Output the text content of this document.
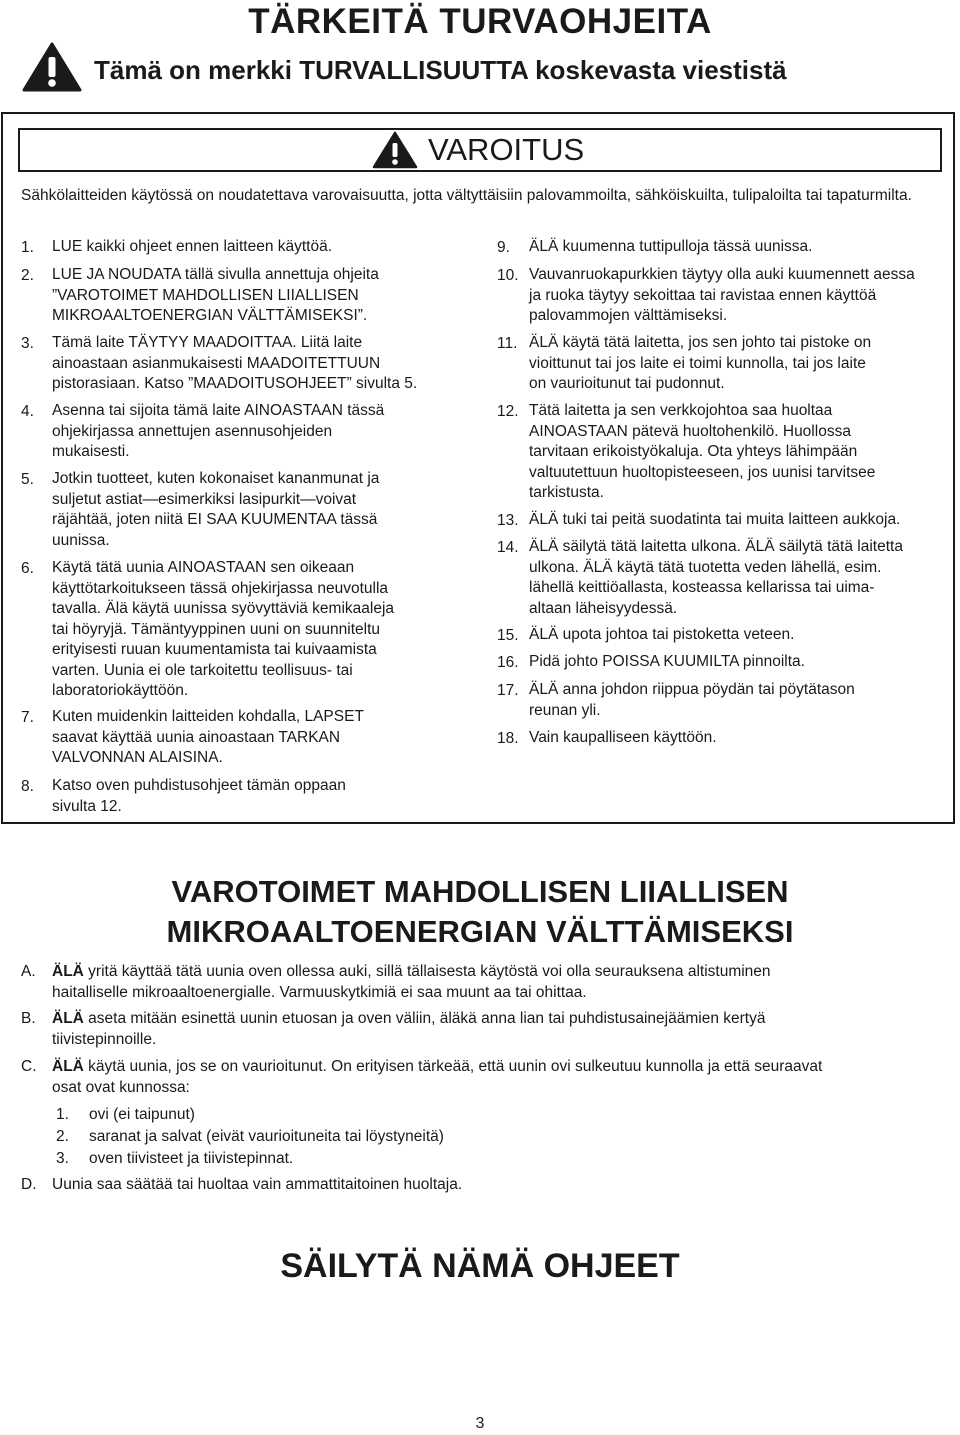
TÄRKEITÄ TURVAOHJEITA
Tämä on merkki TURVALLISUUTTA koskevasta viestistä
VAROITUS
Sähkölaitteiden käytössä on noudatettava varovaisuutta, jotta vältyttäisiin palovammoilta, sähköiskuilta, tulipaloilta tai tapaturmilta.
1. LUE kaikki ohjeet ennen laitteen käyttöä.
2. LUE JA NOUDATA tällä sivulla annettuja ohjeita
”VAROTOIMET MAHDOLLISEN LIIALLISEN
MIKROAALTOENERGIAN VÄLTTÄMISEKSI”.
3. Tämä laite TÄYTYY MAADOITTAA. Liitä laite
ainoastaan asianmukaisesti MAADOITETTUUN
pistorasiaan. Katso ”MAADOITUSOHJEET” sivulta 5.
4. Asenna tai sijoita tämä laite AINOASTAAN tässä
ohjekirjassa annettujen asennusohjeiden
mukaisesti.
5. Jotkin tuotteet, kuten kokonaiset kananmunat ja
suljetut astiat—esimerkiksi lasipurkit—voivat
räjähtää, joten niitä EI SAA KUUMENTAA tässä
uunissa.
6. Käytä tätä uunia AINOASTAAN sen oikeaan
käyttötarkoitukseen tässä ohjekirjassa neuvotulla
tavalla. Älä käytä uunissa syövyttäviä kemikaaleja
tai höyryjä. Tämäntyyppinen uuni on suunniteltu
erityisesti ruuan kuumentamista tai kuivaamista
varten. Uunia ei ole tarkoitettu teollisuus- tai
laboratoriokäyttöön.
7. Kuten muidenkin laitteiden kohdalla, LAPSET
saavat käyttää uunia ainoastaan TARKAN
VALVONNAN ALAISINA.
8. Katso oven puhdistusohjeet tämän oppaan
sivulta 12.
9. ÄLÄ kuumenna tuttipulloja tässä uunissa.
10. Vauvanruokapurkkien täytyy olla auki kuumennett aessa
ja ruoka täytyy sekoittaa tai ravistaa ennen käyttöä
palovammojen välttämiseksi.
11. ÄLÄ käytä tätä laitetta, jos sen johto tai pistoke on
vioittunut tai jos laite ei toimi kunnolla, tai jos laite
on vaurioitunut tai pudonnut.
12. Tätä laitetta ja sen verkkojohtoa saa huoltaa
AINOASTAAN pätevä huoltohenkilö. Huollossa
tarvitaan erikoistyökaluja. Ota yhteys lähimpään
valtuutettuun huoltopisteeseen, jos uunisi tarvitsee
tarkistusta.
13. ÄLÄ tuki tai peitä suodatinta tai muita laitteen aukkoja.
14. ÄLÄ säilytä tätä laitetta ulkona. ÄLÄ säilytä tätä laitetta
ulkona. ÄLÄ käytä tätä tuotetta veden lähellä, esim.
lähellä keittiöallasta, kosteassa kellarissa tai uima-
altaan läheisyydessä.
15. ÄLÄ upota johtoa tai pistoketta veteen.
16. Pidä johto POISSA KUUMILTA pinnoilta.
17. ÄLÄ anna johdon riippua pöydän tai pöytätason
reunan yli.
18. Vain kaupalliseen käyttöön.
VAROTOIMET MAHDOLLISEN LIIALLISEN
MIKROAALTOENERGIAN VÄLTTÄMISEKSI
A. ÄLÄ yritä käyttää tätä uunia oven ollessa auki, sillä tällaisesta käytöstä voi olla seurauksena altistuminen
haitalliselle mikroaaltoenergialle. Varmuuskytkimiä ei saa muunt aa tai ohittaa.
B. ÄLÄ aseta mitään esinettä uunin etuosan ja oven väliin, äläkä anna lian tai puhdistusainejäämien kertyä
tiivistepinnoille.
C. ÄLÄ käytä uunia, jos se on vaurioitunut. On erityisen tärkeää, että uunin ovi sulkeutuu kunnolla ja että seuraavat
osat ovat kunnossa:
1. ovi (ei taipunut)
2. saranat ja salvat (eivät vaurioituneita tai löystyneitä)
3. oven tiivisteet ja tiivistepinnat.
D. Uunia saa säätää tai huoltaa vain ammattitaitoinen huoltaja.
SÄILYTÄ NÄMÄ OHJEET
3
